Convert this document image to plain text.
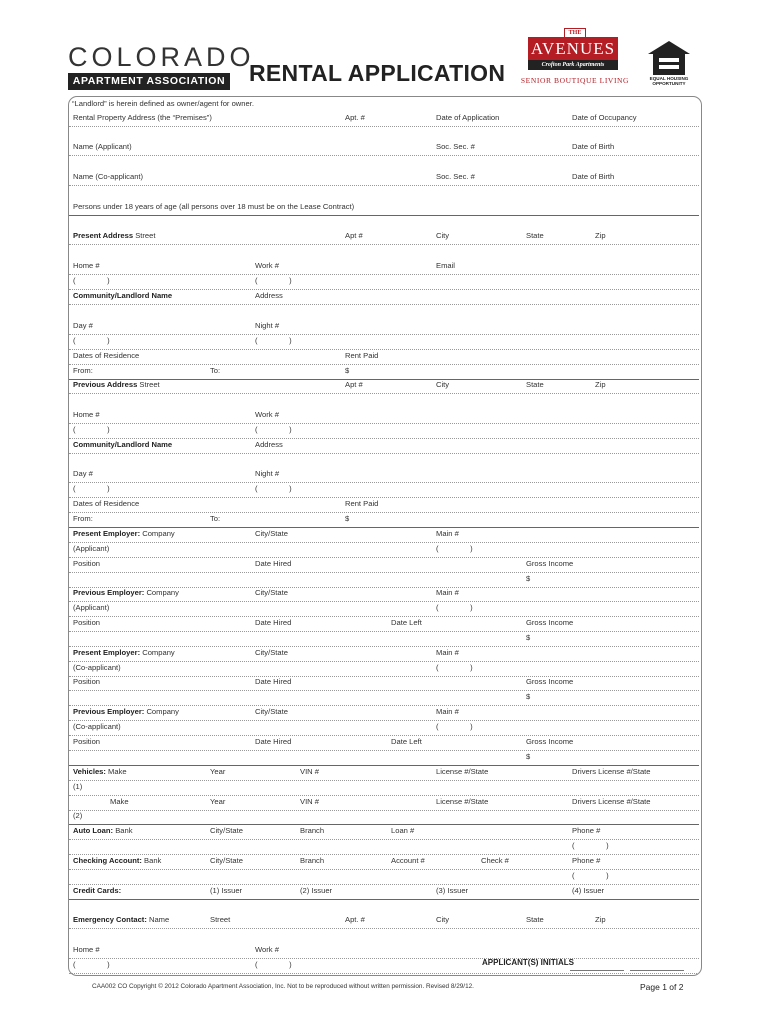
COLORADO
APARTMENT ASSOCIATION RENTAL APPLICATION
THE
AVENUES
Crofton Park Apartments
SENIOR BOUTIQUE LIVING	EQUAL HOUSING
OPPORTUNITY
“Landlord” is herein defined as owner/agent for owner.
Rental Property Address (the “Premises”)	Apt. #	Date of Application	Date of Occupancy
Name (Applicant)	Soc. Sec. #	Date of Birth
Name (Co-applicant)	Soc. Sec. #	Date of Birth
Persons under 18 years of age (all persons over 18 must be on the Lease Contract)
Present Address Street	Apt #	City	State	Zip
Home #	Work #	Email
(               )	(               )
Community/Landlord Name	Address
Day #	Night #
(               )	(               )
Dates of Residence	Rent Paid
From:	To:	$
Previous Address Street	Apt #	City	State	Zip
Home #	Work #
(               )	(               )
Community/Landlord Name	Address
Day #	Night #
(               )	(               )
Dates of Residence	Rent Paid
From:	To:	$
Present Employer: Company	City/State	Main #
(Applicant)	(               )
Position	Date Hired	Gross Income
$
Previous Employer: Company	City/State	Main #
(Applicant)	(               )
Position	Date Hired	Date Left	Gross Income
$
Present Employer: Company	City/State	Main #
(Co-applicant)	(               )
Position	Date Hired	Gross Income
$
Previous Employer: Company	City/State	Main #
(Co-applicant)	(               )
Position	Date Hired	Date Left	Gross Income
$
Vehicles: Make	Year	VIN #	License #/State	Drivers License #/State
(1)
Make	Year	VIN #	License #/State	Drivers License #/State
(2)
Auto Loan: Bank	City/State	Branch	Loan #	Phone #
(               )
Checking Account: Bank	City/State	Branch	Account #	Check #	Phone #
(               )
Credit Cards:	(1) Issuer	(2) Issuer	(3) Issuer	(4) Issuer
Emergency Contact: Name	Street	Apt. #	City	State	Zip
Home #	Work #
(               )	(               )	APPLICANT(S) INITIALS
CAA002 CO Copyright © 2012 Colorado Apartment Association, Inc. Not to be reproduced without written permission. Revised 8/29/12.	Page 1 of 2
